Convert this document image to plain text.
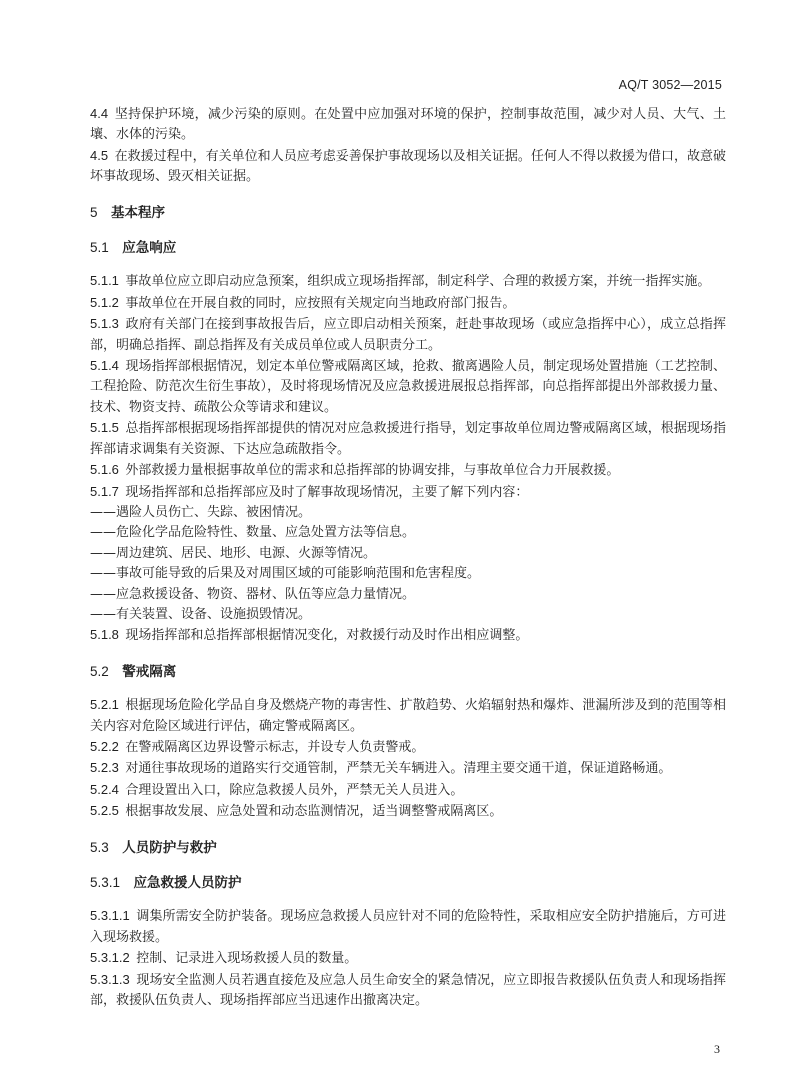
AQ/T 3052—2015

4.4 坚持保护环境，减少污染的原则。在处置中应加强对环境的保护，控制事故范围，减少对人员、大气、土壤、水体的污染。

4.5 在救援过程中，有关单位和人员应考虑妥善保护事故现场以及相关证据。任何人不得以救援为借口，故意破坏事故现场、毁灭相关证据。

5 基本程序

5.1 应急响应

5.1.1 事故单位应立即启动应急预案，组织成立现场指挥部，制定科学、合理的救援方案，并统一指挥实施。

5.1.2 事故单位在开展自救的同时，应按照有关规定向当地政府部门报告。

5.1.3 政府有关部门在接到事故报告后，应立即启动相关预案，赶赴事故现场（或应急指挥中心），成立总指挥部，明确总指挥、副总指挥及有关成员单位或人员职责分工。

5.1.4 现场指挥部根据情况，划定本单位警戒隔离区域，抢救、撤离遇险人员，制定现场处置措施（工艺控制、工程抢险、防范次生衍生事故），及时将现场情况及应急救援进展报总指挥部，向总指挥部提出外部救援力量、技术、物资支持、疏散公众等请求和建议。

5.1.5 总指挥部根据现场指挥部提供的情况对应急救援进行指导，划定事故单位周边警戒隔离区域，根据现场指挥部请求调集有关资源、下达应急疏散指令。

5.1.6 外部救援力量根据事故单位的需求和总指挥部的协调安排，与事故单位合力开展救援。

5.1.7 现场指挥部和总指挥部应及时了解事故现场情况，主要了解下列内容：

——遇险人员伤亡、失踪、被困情况。

——危险化学品危险特性、数量、应急处置方法等信息。

——周边建筑、居民、地形、电源、火源等情况。

——事故可能导致的后果及对周围区域的可能影响范围和危害程度。

——应急救援设备、物资、器材、队伍等应急力量情况。

——有关装置、设备、设施损毁情况。

5.1.8 现场指挥部和总指挥部根据情况变化，对救援行动及时作出相应调整。

5.2 警戒隔离

5.2.1 根据现场危险化学品自身及燃烧产物的毒害性、扩散趋势、火焰辐射热和爆炸、泄漏所涉及到的范围等相关内容对危险区域进行评估，确定警戒隔离区。

5.2.2 在警戒隔离区边界设警示标志，并设专人负责警戒。

5.2.3 对通往事故现场的道路实行交通管制，严禁无关车辆进入。清理主要交通干道，保证道路畅通。

5.2.4 合理设置出入口，除应急救援人员外，严禁无关人员进入。

5.2.5 根据事故发展、应急处置和动态监测情况，适当调整警戒隔离区。

5.3 人员防护与救护

5.3.1 应急救援人员防护

5.3.1.1 调集所需安全防护装备。现场应急救援人员应针对不同的危险特性，采取相应安全防护措施后，方可进入现场救援。

5.3.1.2 控制、记录进入现场救援人员的数量。

5.3.1.3 现场安全监测人员若遇直接危及应急人员生命安全的紧急情况，应立即报告救援队伍负责人和现场指挥部，救援队伍负责人、现场指挥部应当迅速作出撤离决定。

3
